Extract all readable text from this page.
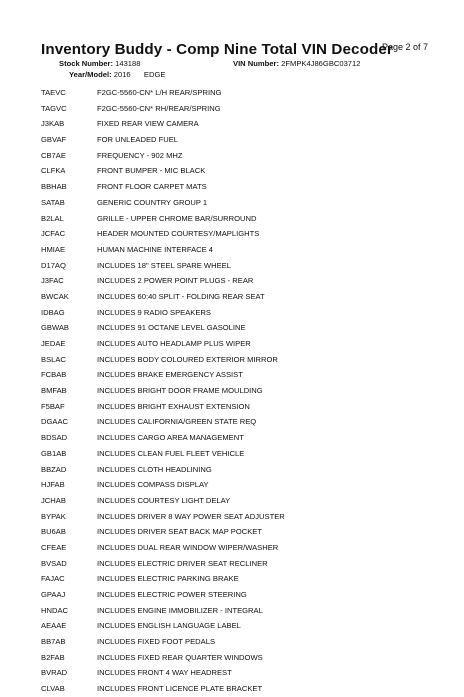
Inventory Buddy - Comp Nine Total VIN Decoder
Page 2 of 7
Stock Number: 143188	VIN Number: 2FMPK4J86GBC03712
Year/Model: 2016 EDGE
TAEVC	F2GC-5560-CN* L/H REAR/SPRING
TAGVC	F2GC-5560-CN* RH/REAR/SPRING
J3KAB	FIXED REAR VIEW CAMERA
GBVAF	FOR UNLEADED FUEL
CB7AE	FREQUENCY - 902 MHZ
CLFKA	FRONT BUMPER - MIC BLACK
BBHAB	FRONT FLOOR CARPET MATS
SATAB	GENERIC COUNTRY GROUP 1
B2LAL	GRILLE - UPPER CHROME BAR/SURROUND
JCFAC	HEADER MOUNTED COURTESY/MAPLIGHTS
HMIAE	HUMAN MACHINE INTERFACE 4
D17AQ	INCLUDES 18" STEEL SPARE WHEEL
J3FAC	INCLUDES 2 POWER POINT PLUGS - REAR
BWCAK	INCLUDES 60:40 SPLIT - FOLDING REAR SEAT
IDBAG	INCLUDES 9 RADIO SPEAKERS
GBWAB	INCLUDES 91 OCTANE LEVEL GASOLINE
JEDAE	INCLUDES AUTO HEADLAMP PLUS WIPER
BSLAC	INCLUDES BODY COLOURED EXTERIOR MIRROR
FCBAB	INCLUDES BRAKE EMERGENCY ASSIST
BMFAB	INCLUDES BRIGHT DOOR FRAME MOULDING
F5BAF	INCLUDES BRIGHT EXHAUST EXTENSION
DGAAC	INCLUDES CALIFORNIA/GREEN STATE REQ
BDSAD	INCLUDES CARGO AREA MANAGEMENT
GB1AB	INCLUDES CLEAN FUEL FLEET VEHICLE
BBZAD	INCLUDES CLOTH HEADLINING
HJFAB	INCLUDES COMPASS DISPLAY
JCHAB	INCLUDES COURTESY LIGHT DELAY
BYPAK	INCLUDES DRIVER 8 WAY POWER SEAT ADJUSTER
BU6AB	INCLUDES DRIVER SEAT BACK MAP POCKET
CFEAE	INCLUDES DUAL REAR WINDOW WIPER/WASHER
BVSAD	INCLUDES ELECTRIC DRIVER SEAT RECLINER
FAJAC	INCLUDES ELECTRIC PARKING BRAKE
GPAAJ	INCLUDES ELECTRIC POWER STEERING
HNDAC	INCLUDES ENGINE IMMOBILIZER - INTEGRAL
AEAAE	INCLUDES ENGLISH LANGUAGE LABEL
BB7AB	INCLUDES FIXED FOOT PEDALS
B2FAB	INCLUDES FIXED REAR QUARTER WINDOWS
BVRAD	INCLUDES FRONT 4 WAY HEADREST
CLVAB	INCLUDES FRONT LICENCE PLATE BRACKET
